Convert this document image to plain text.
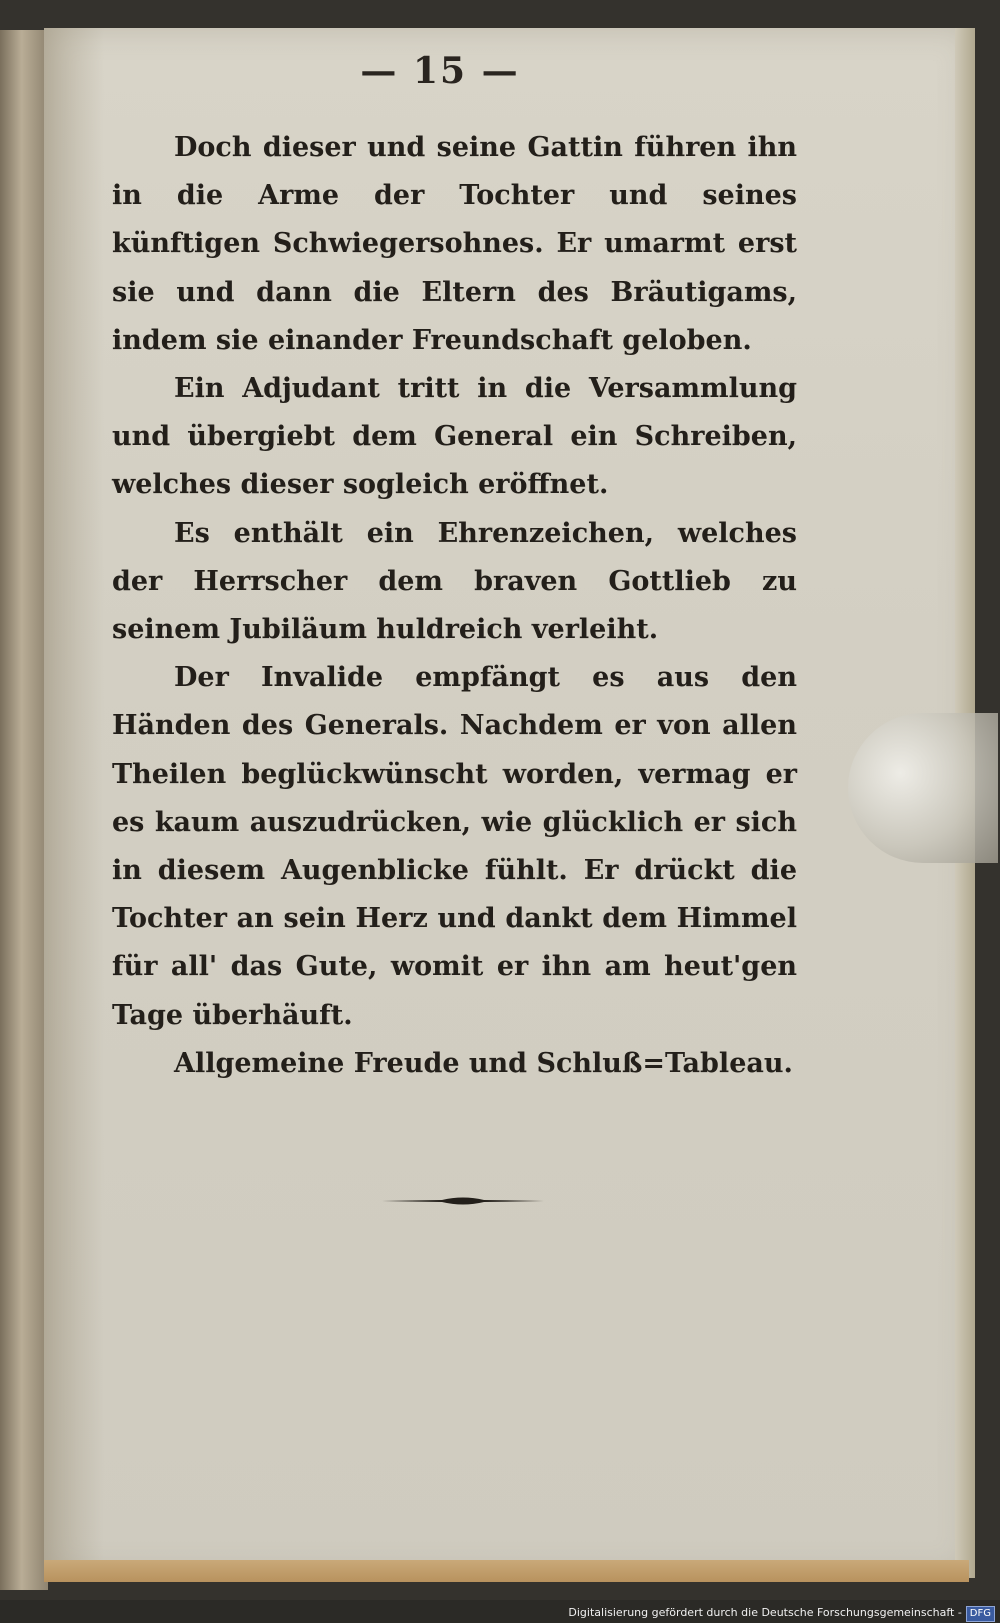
— 15 —

Doch dieser und seine Gattin führen ihn in die Arme der Tochter und seines künftigen Schwiegersohnes. Er umarmt erst sie und dann die Eltern des Bräutigams, indem sie einander Freundschaft geloben.

Ein Adjudant tritt in die Versammlung und übergiebt dem General ein Schreiben, welches dieser sogleich eröffnet.

Es enthält ein Ehrenzeichen, welches der Herrscher dem braven Gottlieb zu seinem Jubiläum huldreich verleiht.

Der Invalide empfängt es aus den Händen des Generals. Nachdem er von allen Theilen beglückwünscht worden, vermag er es kaum auszudrücken, wie glücklich er sich in diesem Augenblicke fühlt. Er drückt die Tochter an sein Herz und dankt dem Himmel für all' das Gute, womit er ihn am heut'gen Tage überhäuft.

Allgemeine Freude und Schluß=Tableau.

Digitalisierung gefördert durch die Deutsche Forschungsgemeinschaft - DFG
